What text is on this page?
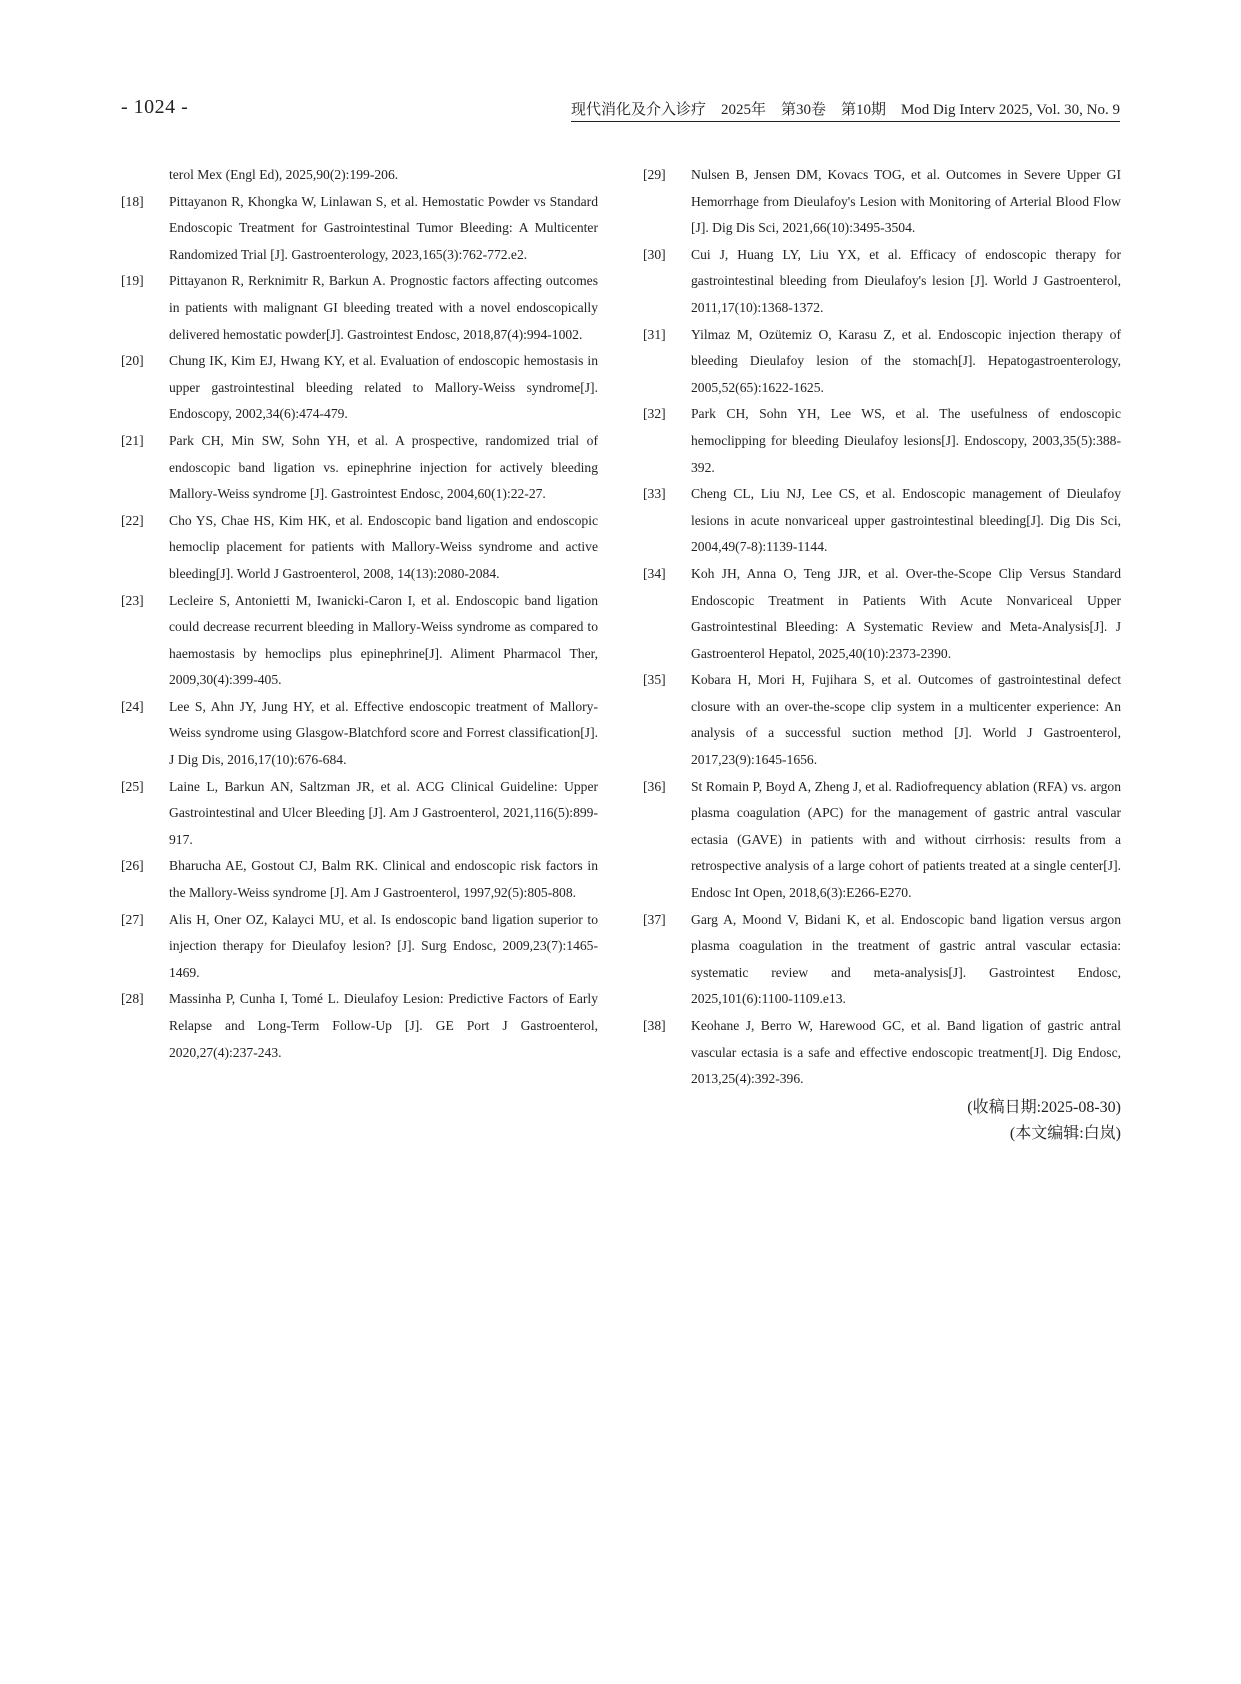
- 1024 -	现代消化及介入诊疗　2025年　第30卷　第10期　Mod Dig Interv 2025, Vol. 30, No. 9
terol Mex (Engl Ed), 2025,90(2):199-206.
[18]	Pittayanon R, Khongka W, Linlawan S, et al. Hemostatic Powder vs Standard Endoscopic Treatment for Gastrointestinal Tumor Bleeding: A Multicenter Randomized Trial [J]. Gastroenterology, 2023,165(3):762-772.e2.
[19]	Pittayanon R, Rerknimitr R, Barkun A. Prognostic factors affecting outcomes in patients with malignant GI bleeding treated with a novel endoscopically delivered hemostatic powder[J]. Gastrointest Endosc, 2018,87(4):994-1002.
[20]	Chung IK, Kim EJ, Hwang KY, et al. Evaluation of endoscopic hemostasis in upper gastrointestinal bleeding related to Mallory-Weiss syndrome[J]. Endoscopy, 2002,34(6):474-479.
[21]	Park CH, Min SW, Sohn YH, et al. A prospective, randomized trial of endoscopic band ligation vs. epinephrine injection for actively bleeding Mallory-Weiss syndrome [J]. Gastrointest Endosc, 2004,60(1):22-27.
[22]	Cho YS, Chae HS, Kim HK, et al. Endoscopic band ligation and endoscopic hemoclip placement for patients with Mallory-Weiss syndrome and active bleeding[J]. World J Gastroenterol, 2008, 14(13):2080-2084.
[23]	Lecleire S, Antonietti M, Iwanicki-Caron I, et al. Endoscopic band ligation could decrease recurrent bleeding in Mallory-Weiss syndrome as compared to haemostasis by hemoclips plus epinephrine[J]. Aliment Pharmacol Ther, 2009,30(4):399-405.
[24]	Lee S, Ahn JY, Jung HY, et al. Effective endoscopic treatment of Mallory-Weiss syndrome using Glasgow-Blatchford score and Forrest classification[J]. J Dig Dis, 2016,17(10):676-684.
[25]	Laine L, Barkun AN, Saltzman JR, et al. ACG Clinical Guideline: Upper Gastrointestinal and Ulcer Bleeding [J]. Am J Gastroenterol, 2021,116(5):899-917.
[26]	Bharucha AE, Gostout CJ, Balm RK. Clinical and endoscopic risk factors in the Mallory-Weiss syndrome [J]. Am J Gastroenterol, 1997,92(5):805-808.
[27]	Alis H, Oner OZ, Kalayci MU, et al. Is endoscopic band ligation superior to injection therapy for Dieulafoy lesion? [J]. Surg Endosc, 2009,23(7):1465-1469.
[28]	Massinha P, Cunha I, Tomé L. Dieulafoy Lesion: Predictive Factors of Early Relapse and Long-Term Follow-Up [J]. GE Port J Gastroenterol, 2020,27(4):237-243.
[29]	Nulsen B, Jensen DM, Kovacs TOG, et al. Outcomes in Severe Upper GI Hemorrhage from Dieulafoy's Lesion with Monitoring of Arterial Blood Flow [J]. Dig Dis Sci, 2021,66(10):3495-3504.
[30]	Cui J, Huang LY, Liu YX, et al. Efficacy of endoscopic therapy for gastrointestinal bleeding from Dieulafoy's lesion [J]. World J Gastroenterol, 2011,17(10):1368-1372.
[31]	Yilmaz M, Ozütemiz O, Karasu Z, et al. Endoscopic injection therapy of bleeding Dieulafoy lesion of the stomach[J]. Hepatogastroenterology, 2005,52(65):1622-1625.
[32]	Park CH, Sohn YH, Lee WS, et al. The usefulness of endoscopic hemoclipping for bleeding Dieulafoy lesions[J]. Endoscopy, 2003,35(5):388-392.
[33]	Cheng CL, Liu NJ, Lee CS, et al. Endoscopic management of Dieulafoy lesions in acute nonvariceal upper gastrointestinal bleeding[J]. Dig Dis Sci, 2004,49(7-8):1139-1144.
[34]	Koh JH, Anna O, Teng JJR, et al. Over-the-Scope Clip Versus Standard Endoscopic Treatment in Patients With Acute Nonvariceal Upper Gastrointestinal Bleeding: A Systematic Review and Meta-Analysis[J]. J Gastroenterol Hepatol, 2025,40(10):2373-2390.
[35]	Kobara H, Mori H, Fujihara S, et al. Outcomes of gastrointestinal defect closure with an over-the-scope clip system in a multicenter experience: An analysis of a successful suction method [J]. World J Gastroenterol, 2017,23(9):1645-1656.
[36]	St Romain P, Boyd A, Zheng J, et al. Radiofrequency ablation (RFA) vs. argon plasma coagulation (APC) for the management of gastric antral vascular ectasia (GAVE) in patients with and without cirrhosis: results from a retrospective analysis of a large cohort of patients treated at a single center[J]. Endosc Int Open, 2018,6(3):E266-E270.
[37]	Garg A, Moond V, Bidani K, et al. Endoscopic band ligation versus argon plasma coagulation in the treatment of gastric antral vascular ectasia: systematic review and meta-analysis[J]. Gastrointest Endosc, 2025,101(6):1100-1109.e13.
[38]	Keohane J, Berro W, Harewood GC, et al. Band ligation of gastric antral vascular ectasia is a safe and effective endoscopic treatment[J]. Dig Endosc, 2013,25(4):392-396.
(收稿日期:2025-08-30)
(本文编辑:白岚)
